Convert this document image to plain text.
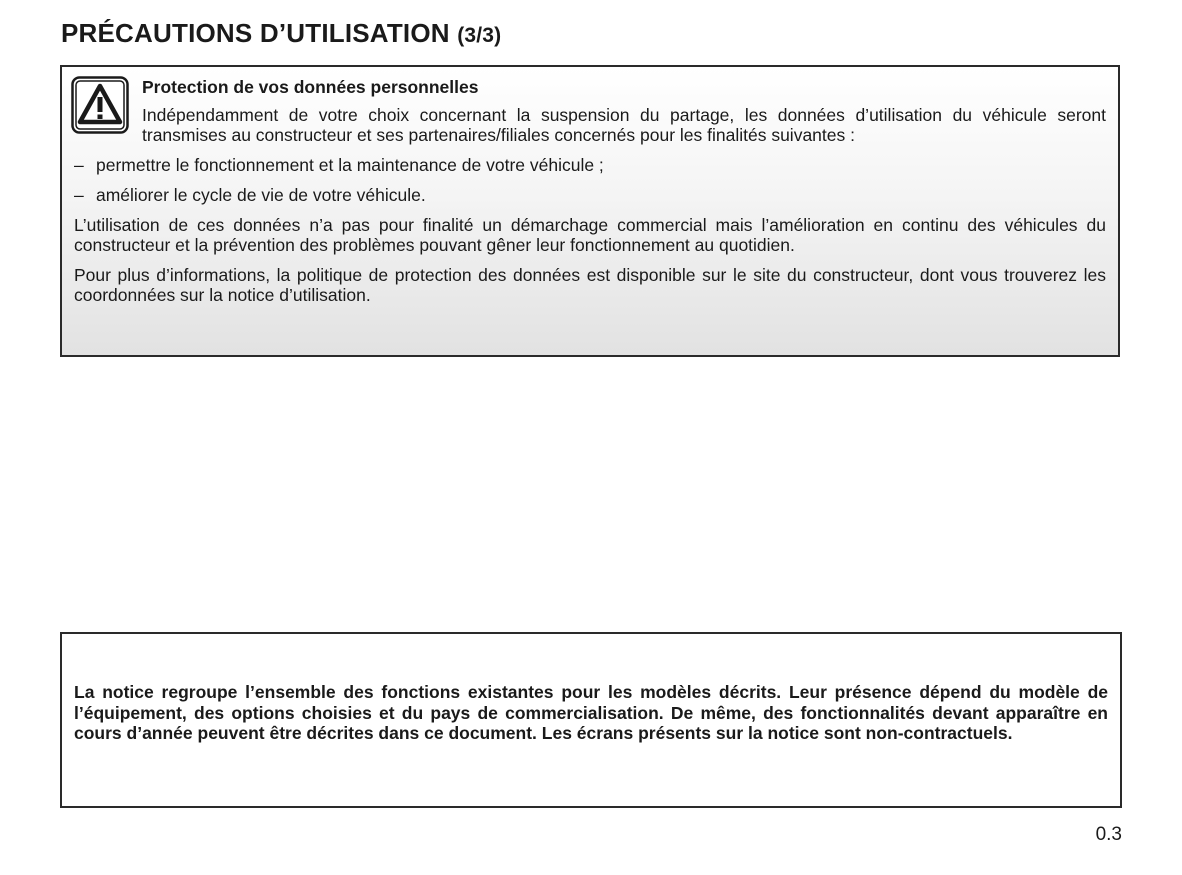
PRÉCAUTIONS D’UTILISATION (3/3)

Protection de vos données personnelles

Indépendamment de votre choix concernant la suspension du partage, les données d’utilisation du véhicule seront transmises au constructeur et ses partenaires/filiales concernés pour les finalités suivantes :

– permettre le fonctionnement et la maintenance de votre véhicule ;
– améliorer le cycle de vie de votre véhicule.

L’utilisation de ces données n’a pas pour finalité un démarchage commercial mais l’amélioration en continu des véhicules du constructeur et la prévention des problèmes pouvant gêner leur fonctionnement au quotidien.

Pour plus d’informations, la politique de protection des données est disponible sur le site du constructeur, dont vous trouverez les coordonnées sur la notice d’utilisation.

La notice regroupe l’ensemble des fonctions existantes pour les modèles décrits. Leur présence dépend du modèle de l’équipement, des options choisies et du pays de commercialisation. De même, des fonctionnalités devant apparaître en cours d’année peuvent être décrites dans ce document. Les écrans présents sur la notice sont non-contractuels.

0.3
